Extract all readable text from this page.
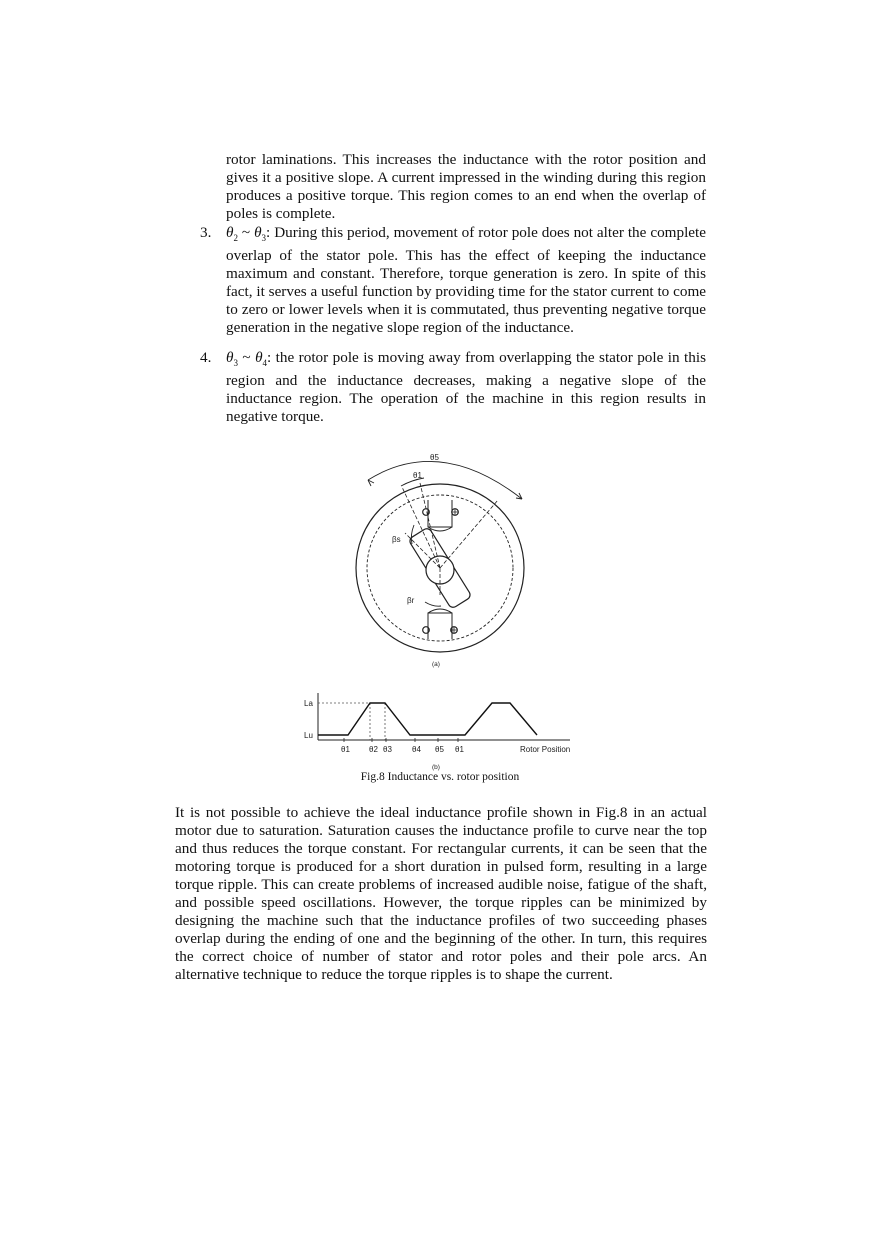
rotor laminations. This increases the inductance with the rotor position and gives it a positive slope. A current impressed in the winding during this region produces a positive torque. This region comes to an end when the overlap of poles is complete.
3. $\theta_2$ ~ $\theta_3$: During this period, movement of rotor pole does not alter the complete overlap of the stator pole. This has the effect of keeping the inductance maximum and constant. Therefore, torque generation is zero. In spite of this fact, it serves a useful function by providing time for the stator current to come to zero or lower levels when it is commutated, thus preventing negative torque generation in the negative slope region of the inductance.
4. $\theta_3$ ~ $\theta_4$: the rotor pole is moving away from overlapping the stator pole in this region and the inductance decreases, making a negative slope of the inductance region. The operation of the machine in this region results in negative torque.
θ5
θ1
βs
βr
(a)
La
Lu
θ1 θ2 θ3	θ4 θ5 θ1	Rotor Position
(b)
Fig.8 Inductance vs. rotor position
It is not possible to achieve the ideal inductance profile shown in Fig.8 in an actual motor due to saturation. Saturation causes the inductance profile to curve near the top and thus reduces the torque constant. For rectangular currents, it can be seen that the motoring torque is produced for a short duration in pulsed form, resulting in a large torque ripple. This can create problems of increased audible noise, fatigue of the shaft, and possible speed oscillations. However, the torque ripples can be minimized by designing the machine such that the inductance profiles of two succeeding phases overlap during the ending of one and the beginning of the other. In turn, this requires the correct choice of number of stator and rotor poles and their pole arcs. An alternative technique to reduce the torque ripples is to shape the current.
